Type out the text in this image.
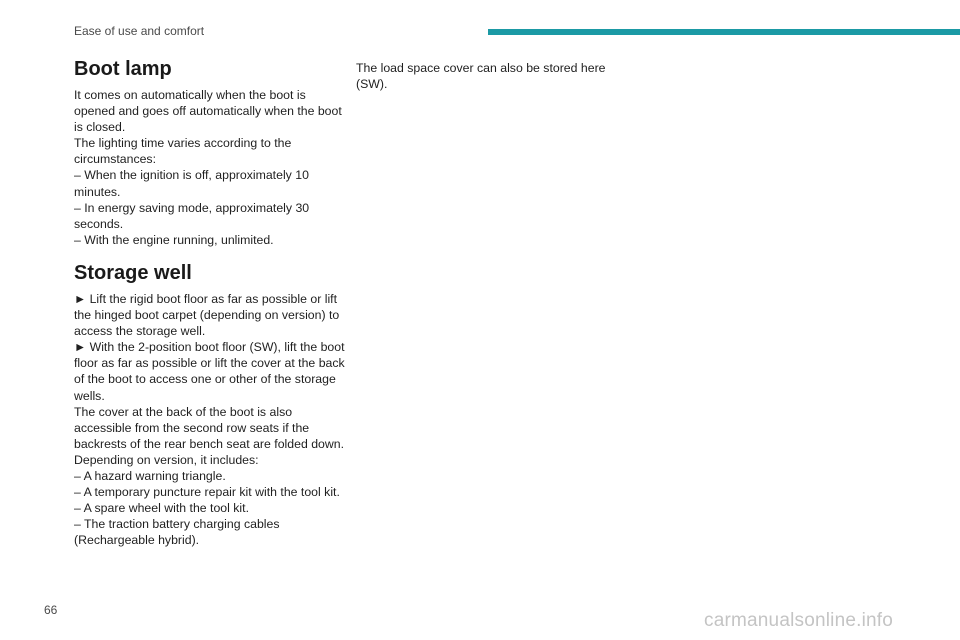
Ease of use and comfort
Boot lamp

It comes on automatically when the boot is opened and goes off automatically when the boot is closed.

The lighting time varies according to the circumstances:

– When the ignition is off, approximately 10 minutes.

– In energy saving mode, approximately 30 seconds.

– With the engine running, unlimited.

Storage well

► Lift the rigid boot floor as far as possible or lift the hinged boot carpet (depending on version) to access the storage well.

► With the 2-position boot floor (SW), lift the boot floor as far as possible or lift the cover at the back of the boot to access one or other of the storage wells.

The cover at the back of the boot is also accessible from the second row seats if the backrests of the rear bench seat are folded down.

Depending on version, it includes:

– A hazard warning triangle.

– A temporary puncture repair kit with the tool kit.

– A spare wheel with the tool kit.

– The traction battery charging cables (Rechargeable hybrid).

The load space cover can also be stored here (SW).

66	carmanualsonline.info
